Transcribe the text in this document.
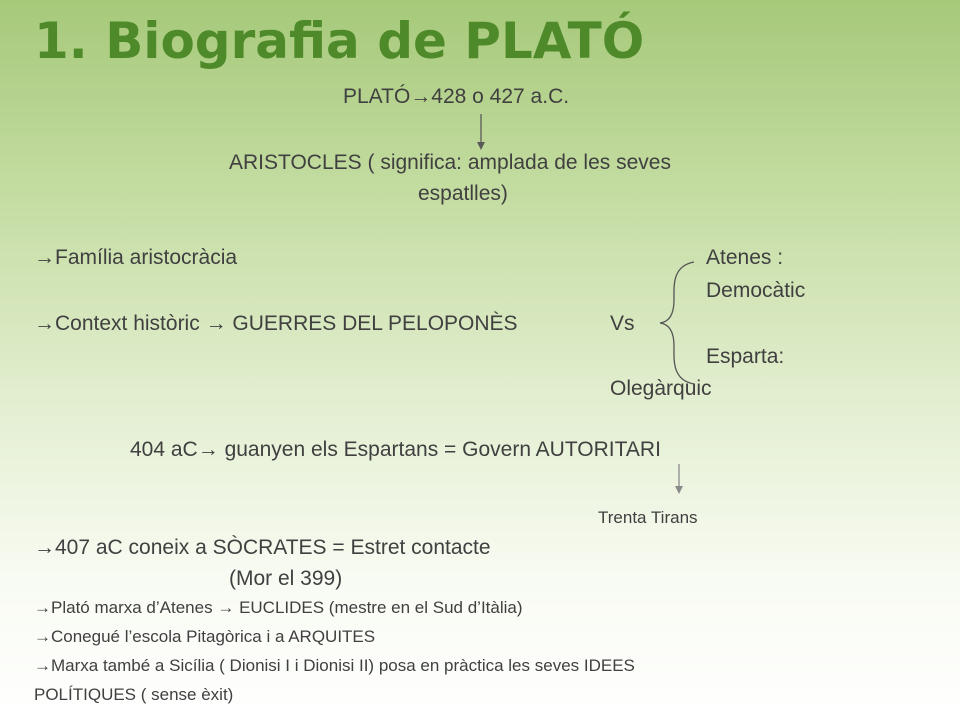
1. Biografia de PLATÓ
PLATÓ→428 o 427 a.C.
ARISTOCLES ( significa: amplada de les seves
espatlles)
→Família aristocràcia	Atenes :
Democàtic
→Context històric → GUERRES DEL PELOPONÈS	Vs
Esparta:
Olegàrquic
404 aC→ guanyen els Espartans = Govern AUTORITARI
Trenta Tirans
→407 aC coneix a SÒCRATES = Estret contacte
(Mor el 399)
→Plató marxa d’Atenes → EUCLIDES (mestre en el Sud d’Itàlia)
→Conegué l’escola Pitagòrica i a ARQUITES
→Marxa també a Sicília ( Dionisi I i Dionisi II) posa en pràctica les seves IDEES
POLÍTIQUES ( sense èxit)
